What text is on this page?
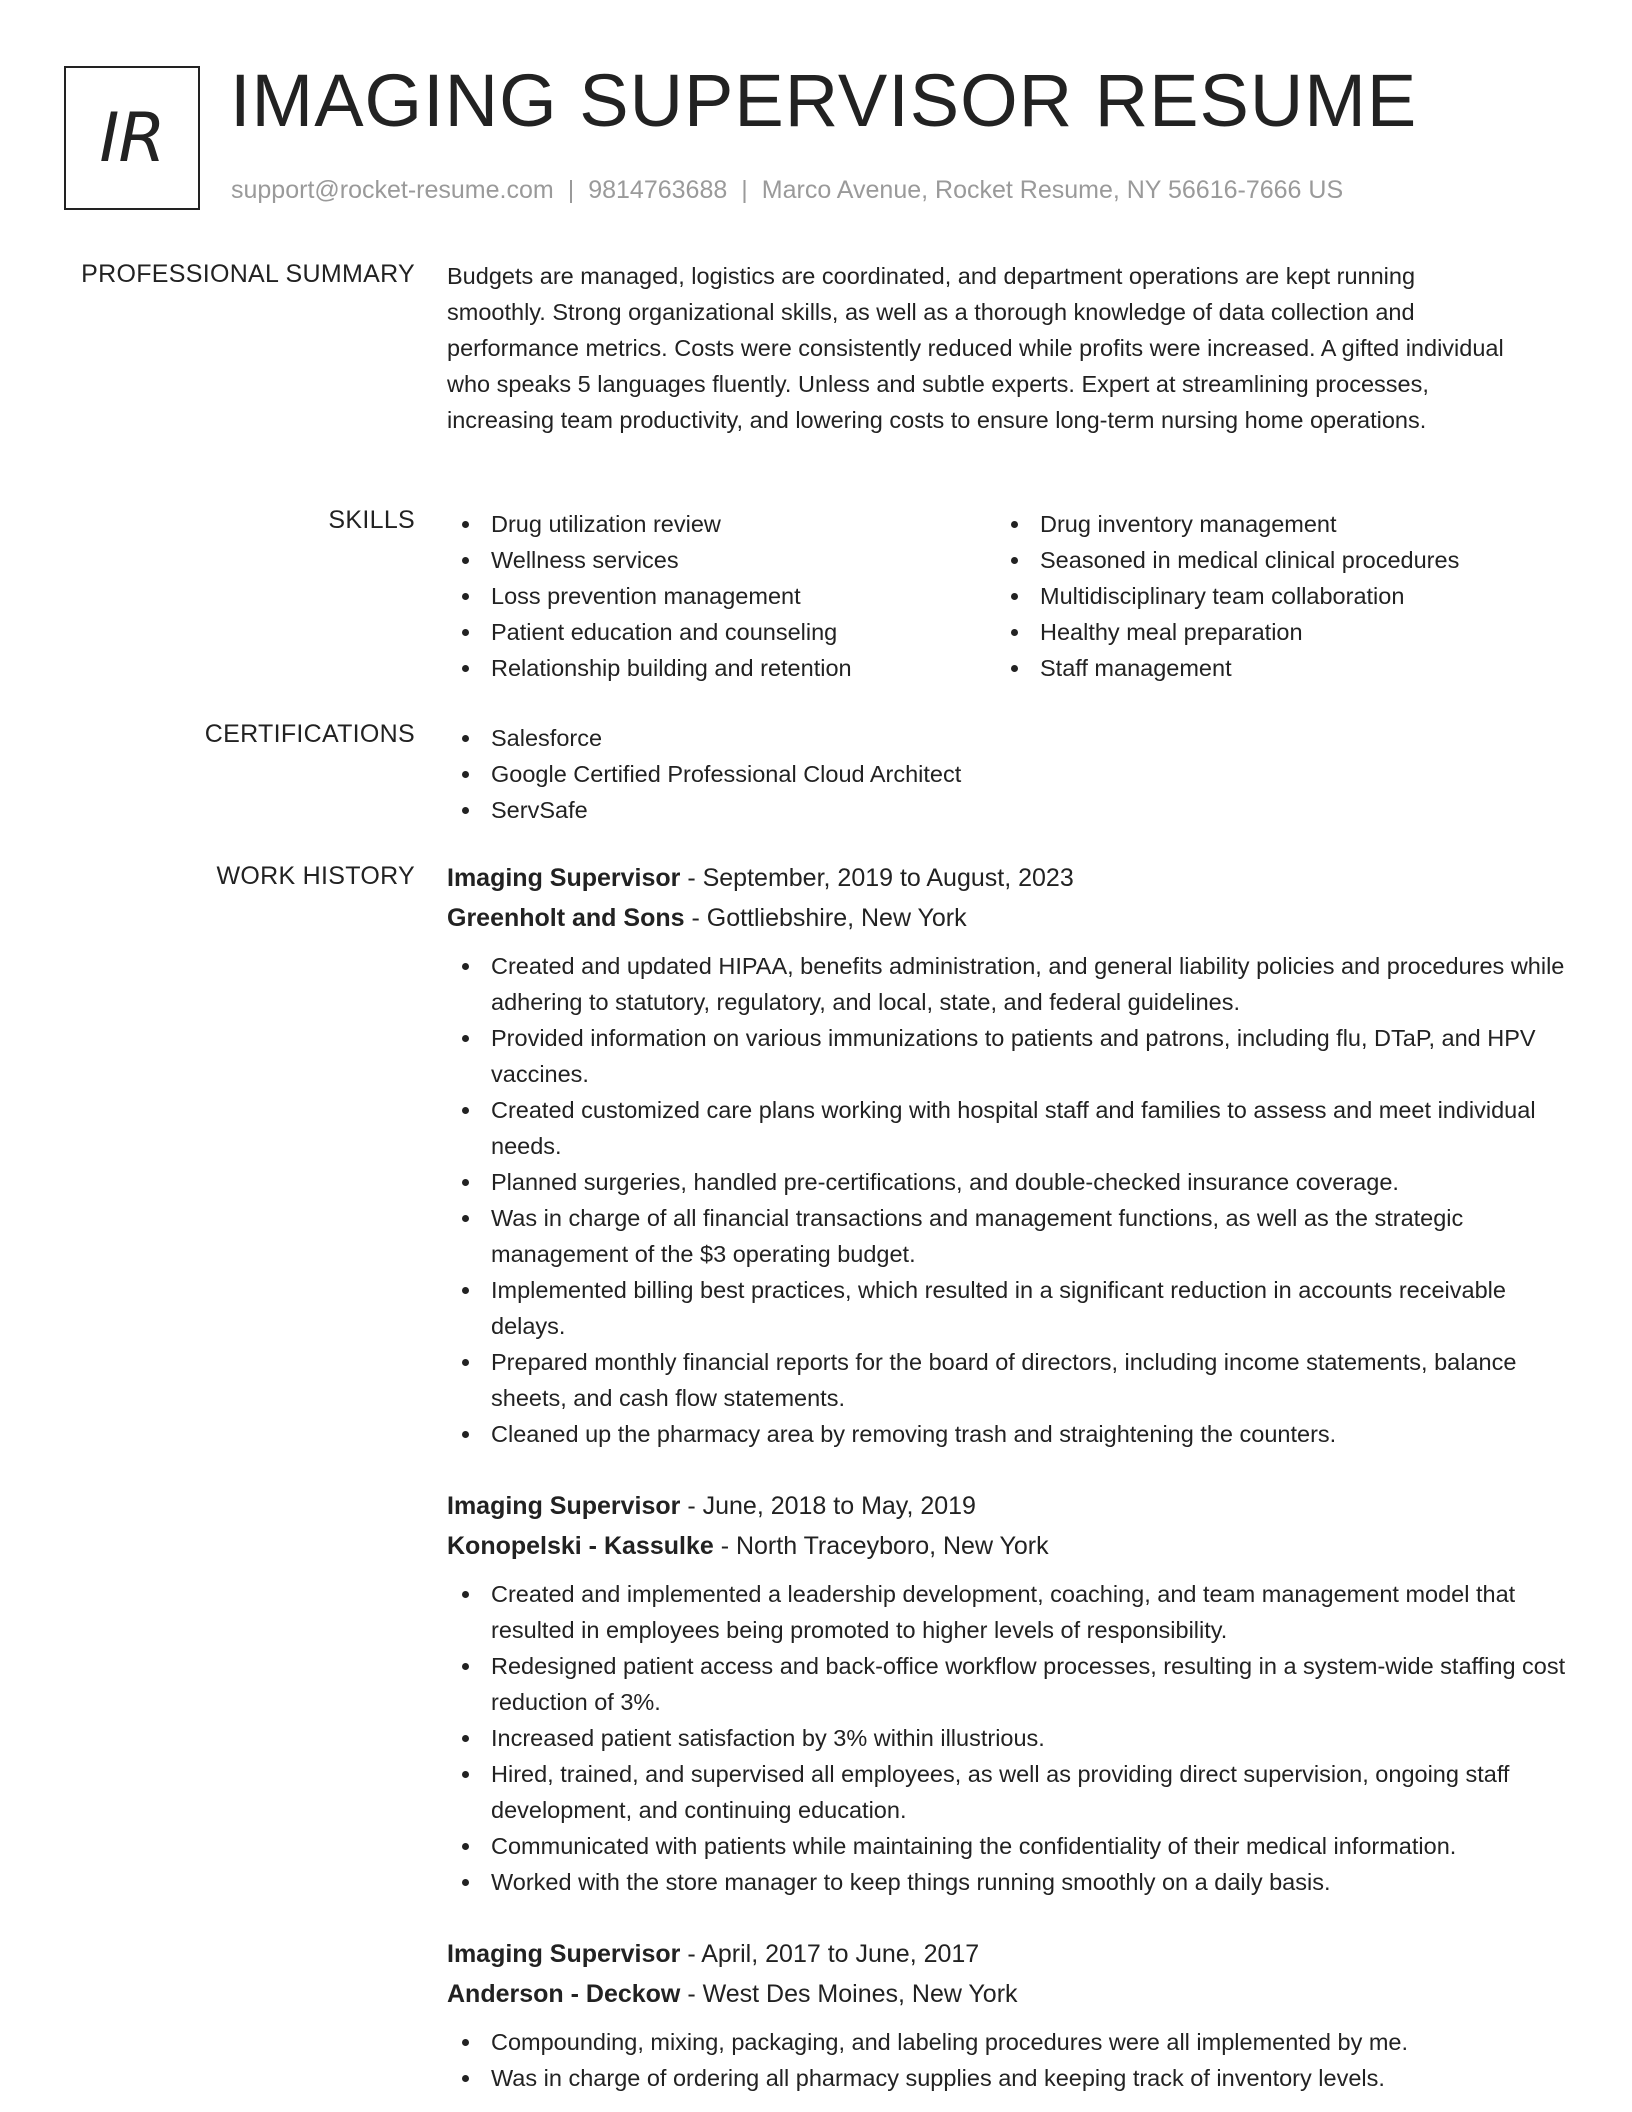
IR IMAGING SUPERVISOR RESUME
support@rocket-resume.com | 9814763688 | Marco Avenue, Rocket Resume, NY 56616-7666 US
PROFESSIONAL SUMMARY Budgets are managed, logistics are coordinated, and department operations are kept running smoothly. Strong organizational skills, as well as a thorough knowledge of data collection and performance metrics. Costs were consistently reduced while profits were increased. A gifted individual who speaks 5 languages fluently. Unless and subtle experts. Expert at streamlining processes, increasing team productivity, and lowering costs to ensure long-term nursing home operations.
SKILLS	Drug utilization review
Wellness services
Loss prevention management
Patient education and counseling
Relationship building and retention
Drug inventory management
Seasoned in medical clinical procedures
Multidisciplinary team collaboration
Healthy meal preparation
Staff management
CERTIFICATIONS	Salesforce
Google Certified Professional Cloud Architect
ServSafe
WORK HISTORY Imaging Supervisor - September, 2019 to August, 2023
Greenholt and Sons - Gottliebshire, New York
Created and updated HIPAA, benefits administration, and general liability policies and procedures while adhering to statutory, regulatory, and local, state, and federal guidelines.
Provided information on various immunizations to patients and patrons, including flu, DTaP, and HPV vaccines.
Created customized care plans working with hospital staff and families to assess and meet individual needs.
Planned surgeries, handled pre-certifications, and double-checked insurance coverage.
Was in charge of all financial transactions and management functions, as well as the strategic management of the $3 operating budget.
Implemented billing best practices, which resulted in a significant reduction in accounts receivable delays.
Prepared monthly financial reports for the board of directors, including income statements, balance sheets, and cash flow statements.
Cleaned up the pharmacy area by removing trash and straightening the counters.
Imaging Supervisor - June, 2018 to May, 2019
Konopelski - Kassulke - North Traceyboro, New York
Created and implemented a leadership development, coaching, and team management model that resulted in employees being promoted to higher levels of responsibility.
Redesigned patient access and back-office workflow processes, resulting in a system-wide staffing cost reduction of 3%.
Increased patient satisfaction by 3% within illustrious.
Hired, trained, and supervised all employees, as well as providing direct supervision, ongoing staff development, and continuing education.
Communicated with patients while maintaining the confidentiality of their medical information.
Worked with the store manager to keep things running smoothly on a daily basis.
Imaging Supervisor - April, 2017 to June, 2017
Anderson - Deckow - West Des Moines, New York
Compounding, mixing, packaging, and labeling procedures were all implemented by me.
Was in charge of ordering all pharmacy supplies and keeping track of inventory levels.
